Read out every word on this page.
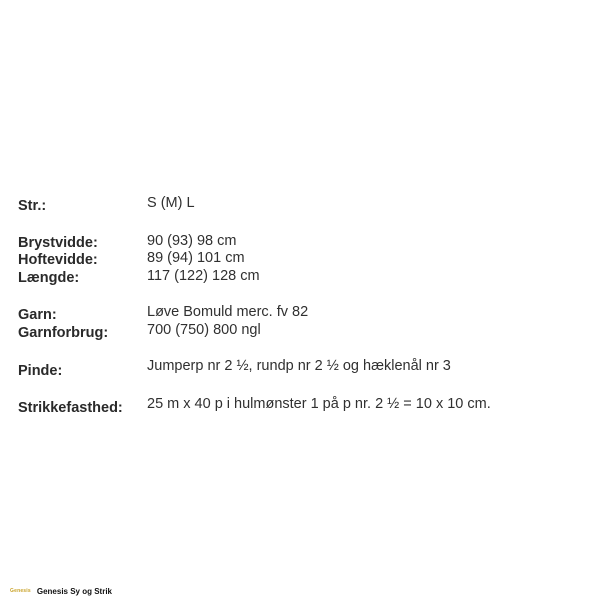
Str.:	S (M) L
Brystvidde:	90 (93) 98 cm
Hoftevidde:	89 (94) 101 cm
Længde:	117 (122) 128 cm
Garn:	Løve Bomuld merc. fv 82
Garnforbrug:	700 (750) 800 ngl
Pinde:	Jumperp nr 2 ½, rundp nr 2 ½ og hæklenål nr 3
Strikkefasthed: 25 m x 40 p i hulmønster 1 på p nr. 2 ½ = 10 x 10 cm.
Genesis Genesis Sy og Strik
